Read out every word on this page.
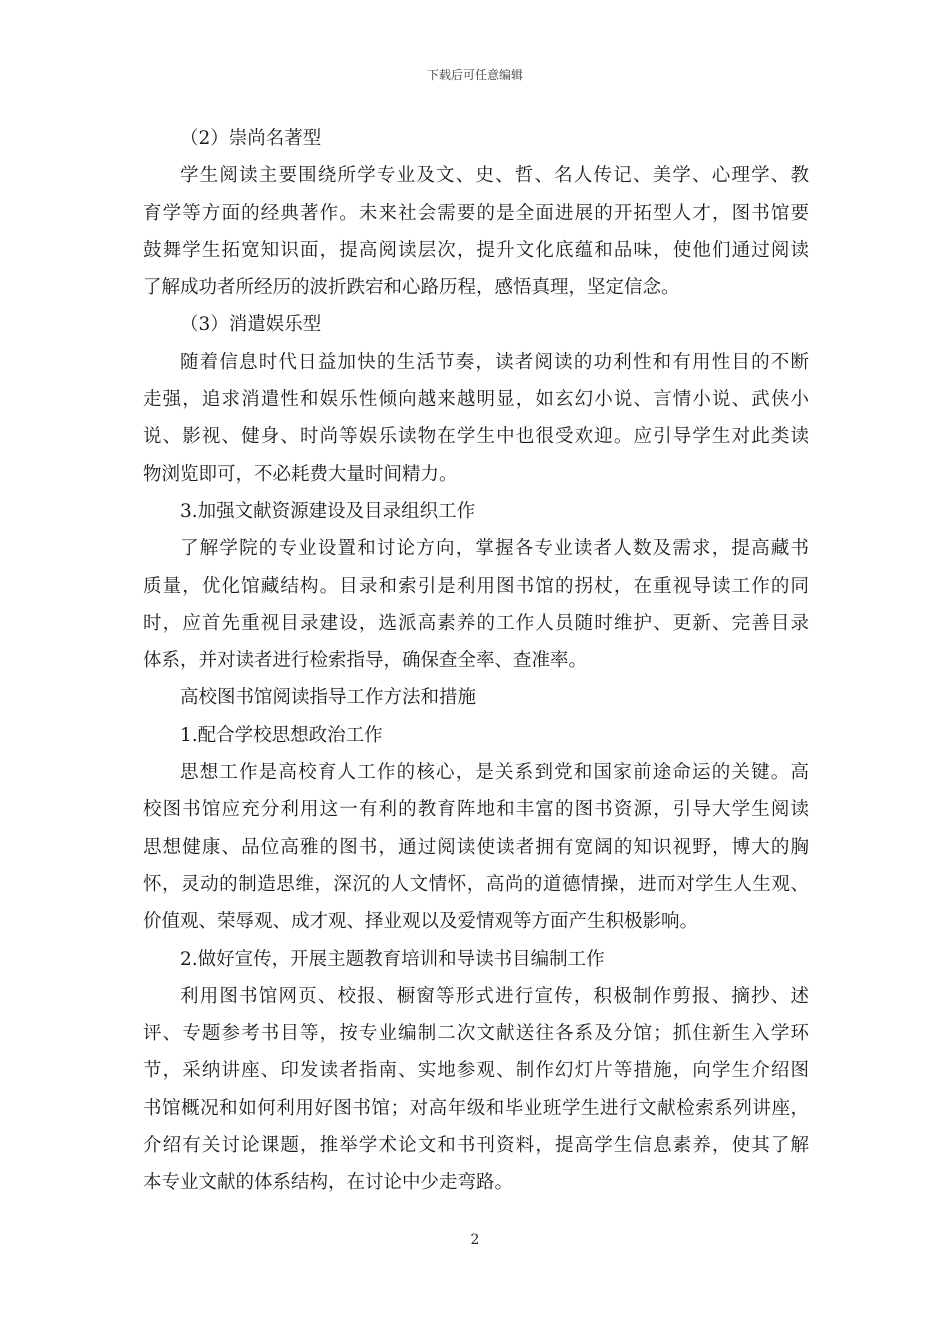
下载后可任意编辑
（2）崇尚名著型
学生阅读主要围绕所学专业及文、史、哲、名人传记、美学、心理学、教
育学等方面的经典著作。未来社会需要的是全面进展的开拓型人才，图书馆要
鼓舞学生拓宽知识面，提高阅读层次，提升文化底蕴和品味，使他们通过阅读
了解成功者所经历的波折跌宕和心路历程，感悟真理，坚定信念。
（3）消遣娱乐型
随着信息时代日益加快的生活节奏，读者阅读的功利性和有用性目的不断
走强，追求消遣性和娱乐性倾向越来越明显，如玄幻小说、言情小说、武侠小
说、影视、健身、时尚等娱乐读物在学生中也很受欢迎。应引导学生对此类读
物浏览即可，不必耗费大量时间精力。
3.加强文献资源建设及目录组织工作
了解学院的专业设置和讨论方向，掌握各专业读者人数及需求，提高藏书
质量，优化馆藏结构。目录和索引是利用图书馆的拐杖，在重视导读工作的同
时，应首先重视目录建设，选派高素养的工作人员随时维护、更新、完善目录
体系，并对读者进行检索指导，确保查全率、查准率。
高校图书馆阅读指导工作方法和措施
1.配合学校思想政治工作
思想工作是高校育人工作的核心，是关系到党和国家前途命运的关键。高
校图书馆应充分利用这一有利的教育阵地和丰富的图书资源，引导大学生阅读
思想健康、品位高雅的图书，通过阅读使读者拥有宽阔的知识视野，博大的胸
怀，灵动的制造思维，深沉的人文情怀，高尚的道德情操，进而对学生人生观、
价值观、荣辱观、成才观、择业观以及爱情观等方面产生积极影响。
2.做好宣传，开展主题教育培训和导读书目编制工作
利用图书馆网页、校报、橱窗等形式进行宣传，积极制作剪报、摘抄、述
评、专题参考书目等，按专业编制二次文献送往各系及分馆；抓住新生入学环
节，采纳讲座、印发读者指南、实地参观、制作幻灯片等措施，向学生介绍图
书馆概况和如何利用好图书馆；对高年级和毕业班学生进行文献检索系列讲座，
介绍有关讨论课题，推举学术论文和书刊资料，提高学生信息素养，使其了解
本专业文献的体系结构，在讨论中少走弯路。
2
